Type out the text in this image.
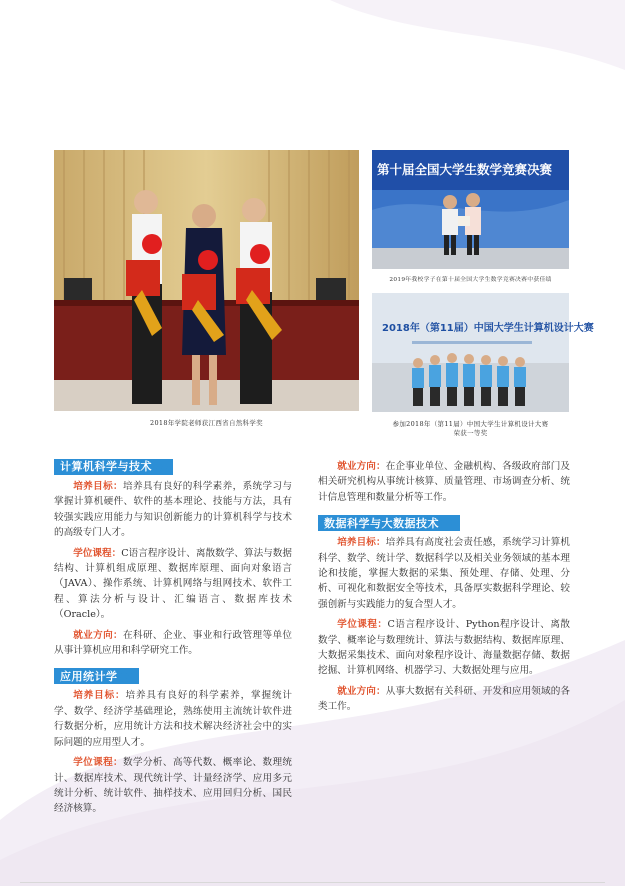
2018年学院老师获江西省自然科学奖
第十届全国大学生数学竞赛决赛
2019年我校学子在第十届全国大学生数学竞赛决赛中获佳绩
2018年（第11届）中国大学生计算机设计大赛
参加2018年（第11届）中国大学生计算机设计大赛
荣获一等奖
计算机科学与技术

培养目标：培养具有良好的科学素养，系统学习与掌握计算机硬件、软件的基本理论、技能与方法，具有较强实践应用能力与知识创新能力的计算机科学与技术的高级专门人才。

学位课程：C语言程序设计、离散数学、算法与数据结构、计算机组成原理、数据库原理、面向对象语言（JAVA）、操作系统、计算机网络与组网技术、软件工程、算法分析与设计、汇编语言、数据库技术（Oracle）。

就业方向：在科研、企业、事业和行政管理等单位从事计算机应用和科学研究工作。

应用统计学

培养目标：培养具有良好的科学素养，掌握统计学、数学、经济学基础理论，熟练使用主流统计软件进行数据分析，应用统计方法和技术解决经济社会中的实际问题的应用型人才。

学位课程：数学分析、高等代数、概率论、数理统计、数据库技术、现代统计学、计量经济学、应用多元统计分析、统计软件、抽样技术、应用回归分析、国民经济核算。

就业方向：在企事业单位、金融机构、各级政府部门及相关研究机构从事统计核算、质量管理、市场调查分析、统计信息管理和数量分析等工作。

数据科学与大数据技术

培养目标：培养具有高度社会责任感，系统学习计算机科学、数学、统计学、数据科学以及相关业务领域的基本理论和技能，掌握大数据的采集、预处理、存储、处理、分析、可视化和数据安全等技术，具备厚实数据科学理论、较强创新与实践能力的复合型人才。

学位课程：C语言程序设计、Python程序设计、离散数学、概率论与数理统计、算法与数据结构、数据库原理、大数据采集技术、面向对象程序设计、海量数据存储、数据挖掘、计算机网络、机器学习、大数据处理与应用。

就业方向：从事大数据有关科研、开发和应用领域的各类工作。
